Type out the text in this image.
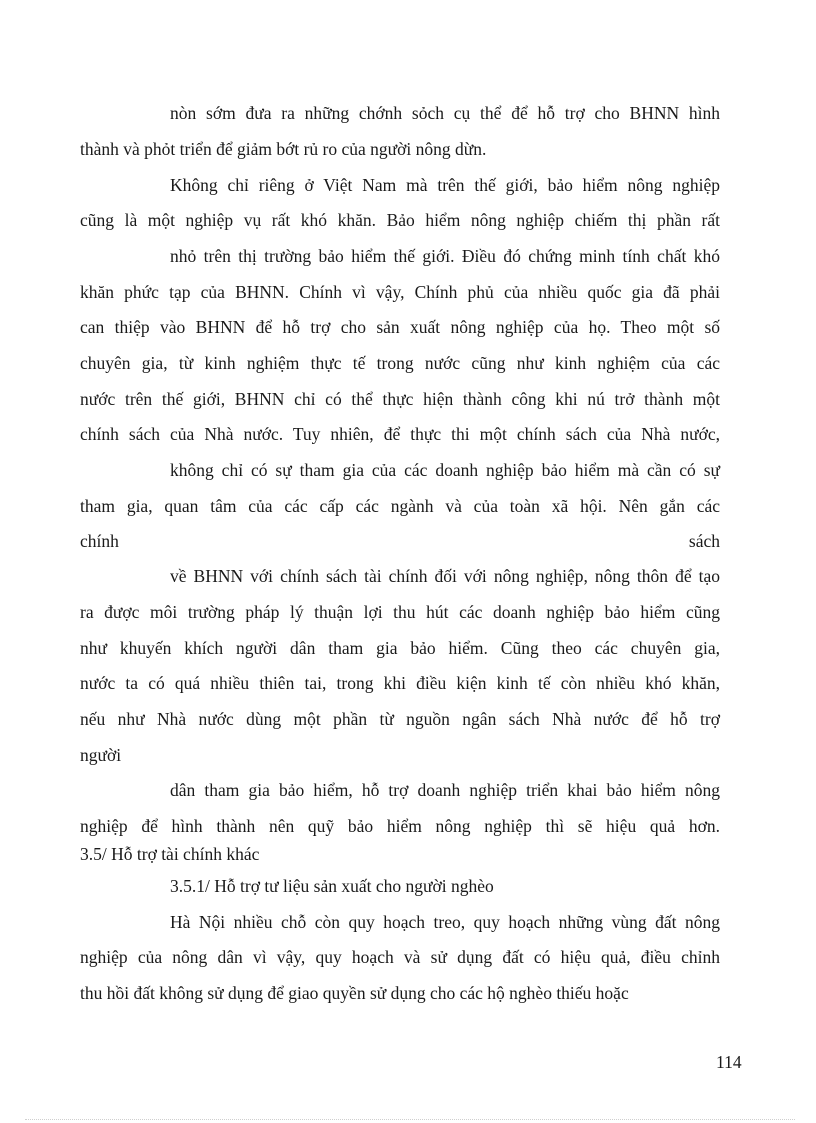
nòn sớm đưa ra những chớnh sỏch cụ thể để hỗ trợ cho BHNN hình
thành và phỏt triển để giảm bớt rủ ro của người nông dừn.
Không chỉ riêng ở Việt Nam mà trên thế giới, bảo hiểm nông nghiệp
cũng là một nghiệp vụ rất khó khăn. Bảo hiểm nông nghiệp chiếm thị phần rất
nhỏ trên thị trường bảo hiểm thế giới. Điều đó chứng minh tính chất khó
khăn phức tạp của BHNN. Chính vì vậy, Chính phủ của nhiều quốc gia đã phải
can thiệp vào BHNN để hỗ trợ cho sản xuất nông nghiệp của họ. Theo một số
chuyên gia, từ kinh nghiệm thực tế trong nước cũng như kinh nghiệm của các
nước trên thế giới, BHNN chỉ có thể thực hiện thành công khi nú trở thành một
chính sách của Nhà nước. Tuy nhiên, để thực thi một chính sách của Nhà nước,
không chỉ có sự tham gia của các doanh nghiệp bảo hiểm mà cần có sự
tham gia, quan tâm của các cấp các ngành và của toàn xã hội. Nên gắn các
chính	sách
về BHNN với chính sách tài chính đối với nông nghiệp, nông thôn để tạo
ra được môi trường pháp lý thuận lợi thu hút các doanh nghiệp bảo hiểm cũng
như khuyến khích người dân tham gia bảo hiểm. Cũng theo các chuyên gia,
nước ta có quá nhiều thiên tai, trong khi điều kiện kinh tế còn nhiều khó khăn,
nếu như Nhà nước dùng một phần từ nguồn ngân sách Nhà nước để hỗ trợ
người
dân tham gia bảo hiểm, hỗ trợ doanh nghiệp triển khai bảo hiểm nông
nghiệp để hình thành nên quỹ bảo hiểm nông nghiệp thì sẽ hiệu quả hơn.
3.5/ Hỗ trợ tài chính khác
3.5.1/ Hỗ trợ tư liệu sản xuất cho người nghèo
Hà Nội nhiều chỗ còn quy hoạch treo, quy hoạch những vùng đất nông
nghiệp của nông dân vì vậy, quy hoạch và sử dụng đất có hiệu quả, điều chỉnh
thu hồi đất không sử dụng để giao quyền sử dụng cho các hộ nghèo thiếu hoặc
114
